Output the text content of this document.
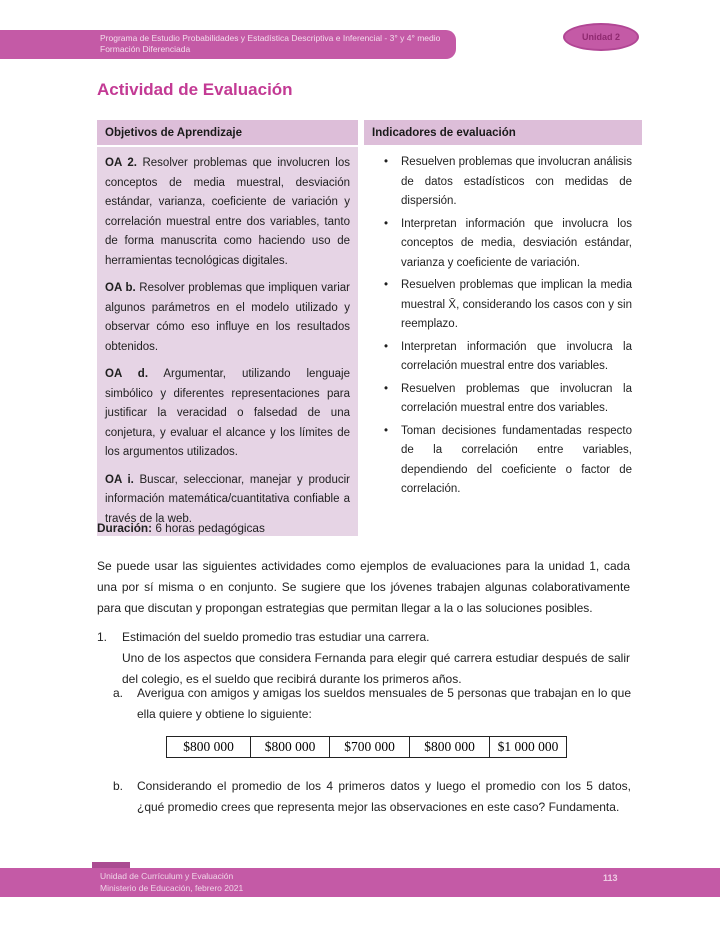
Programa de Estudio Probabilidades y Estadística Descriptiva e Inferencial - 3° y 4° medio
Formación Diferenciada
Unidad 2
Actividad de Evaluación
Objetivos de Aprendizaje	Indicadores de evaluación

OA 2. Resolver problemas que involucren los conceptos de media muestral, desviación estándar, varianza, coeficiente de variación y correlación muestral entre dos variables, tanto de forma manuscrita como haciendo uso de herramientas tecnológicas digitales.

OA b. Resolver problemas que impliquen variar algunos parámetros en el modelo utilizado y observar cómo eso influye en los resultados obtenidos.

OA d. Argumentar, utilizando lenguaje simbólico y diferentes representaciones para justificar la veracidad o falsedad de una conjetura, y evaluar el alcance y los límites de los argumentos utilizados.

OA i. Buscar, seleccionar, manejar y producir información matemática/cuantitativa confiable a través de la web.

• Resuelven problemas que involucran análisis de datos estadísticos con medidas de dispersión.
• Interpretan información que involucra los conceptos de media, desviación estándar, varianza y coeficiente de variación.
• Resuelven problemas que implican la media muestral X̄, considerando los casos con y sin reemplazo.
• Interpretan información que involucra la correlación muestral entre dos variables.
• Resuelven problemas que involucran la correlación muestral entre dos variables.
• Toman decisiones fundamentadas respecto de la correlación entre variables, dependiendo del coeficiente o factor de correlación.
Duración: 6 horas pedagógicas

Se puede usar las siguientes actividades como ejemplos de evaluaciones para la unidad 1, cada una por sí misma o en conjunto. Se sugiere que los jóvenes trabajen algunas colaborativamente para que discutan y propongan estrategias que permitan llegar a la o las soluciones posibles.

1.	Estimación del sueldo promedio tras estudiar una carrera.
Uno de los aspectos que considera Fernanda para elegir qué carrera estudiar después de salir del colegio, es el sueldo que recibirá durante los primeros años.
a.	Averigua con amigos y amigas los sueldos mensuales de 5 personas que trabajan en lo que ella quiere y obtiene lo siguiente:
$800 000	$800 000	$700 000	$800 000	$1 000 000
b.	Considerando el promedio de los 4 primeros datos y luego el promedio con los 5 datos, ¿qué promedio crees que representa mejor las observaciones en este caso? Fundamenta.
Unidad de Currículum y Evaluación
Ministerio de Educación, febrero 2021
113
